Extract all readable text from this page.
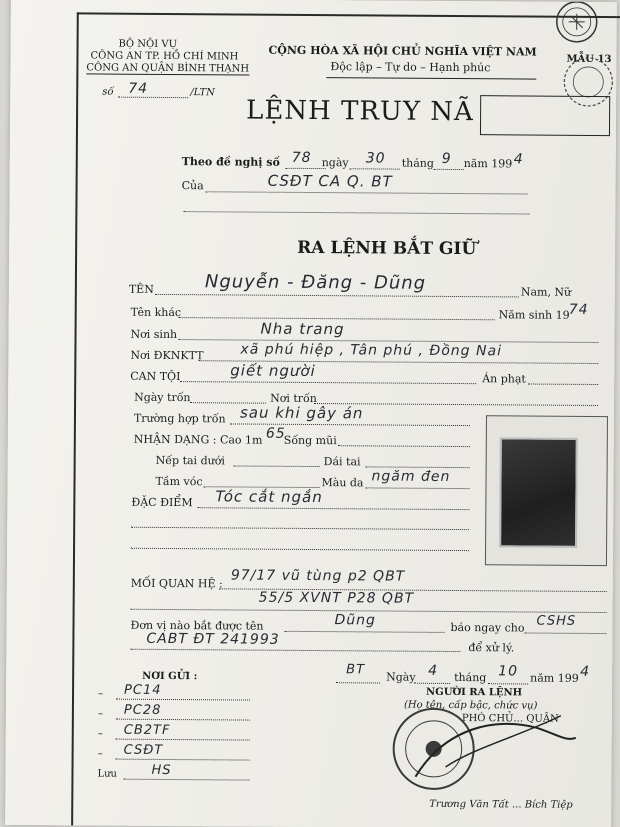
BỘ NỘI VỤ
CÔNG AN TP. HỒ CHÍ MINH
CÔNG AN QUẬN BÌNH THẠNH
số 74	/LTN
CỘNG HÒA XÃ HỘI CHỦ NGHĨA VIỆT NAM
Độc lập – Tự do – Hạnh phúc
MẪU 13
LỆNH TRUY NÃ
Theo đề nghị số 78 ngày 30 tháng 9 năm 199 4
Của	CSĐT CA Q. BT
RA LỆNH BẮT GIỮ
TÊN	Nguyễn - Đăng - Dũng	Nam, Nữ
Tên khác	Năm sinh 19
74
Nơi sinh	Nha trang
Nơi ĐKNKTT	xã phú hiệp , Tân phú , Đồng Nai
CAN TỘI	giết người	Án phạt
Ngày trốn	Nơi trốn
Trường hợp trốn sau khi gây án
NHẬN DẠNG : Cao 1m 65
Sống mũi
Nếp tai dưới	Dái tai
Tầm vóc	Màu da ngăm đen
ĐẶC ĐIỂM Tóc cắt ngắn
MỐI QUAN HỆ : 97/17 vũ tùng p2 QBT
55/5 XVNT P28 QBT
Đơn vị nào bắt được tên	Dũng	báo ngay cho CSHS
CABT ĐT 241993	để xử lý.
BT Ngày 4 tháng 10 năm 199 4
NGƯỜI RA LỆNH
(Họ tên, cấp bậc, chức vụ)
PHÓ CHỦ... QUẬN
Trương Văn Tất ... Bích Tiệp
NƠI GỬI :
– PC14
– PC28
– CB2TF
– CSĐT
Lưu	HS
